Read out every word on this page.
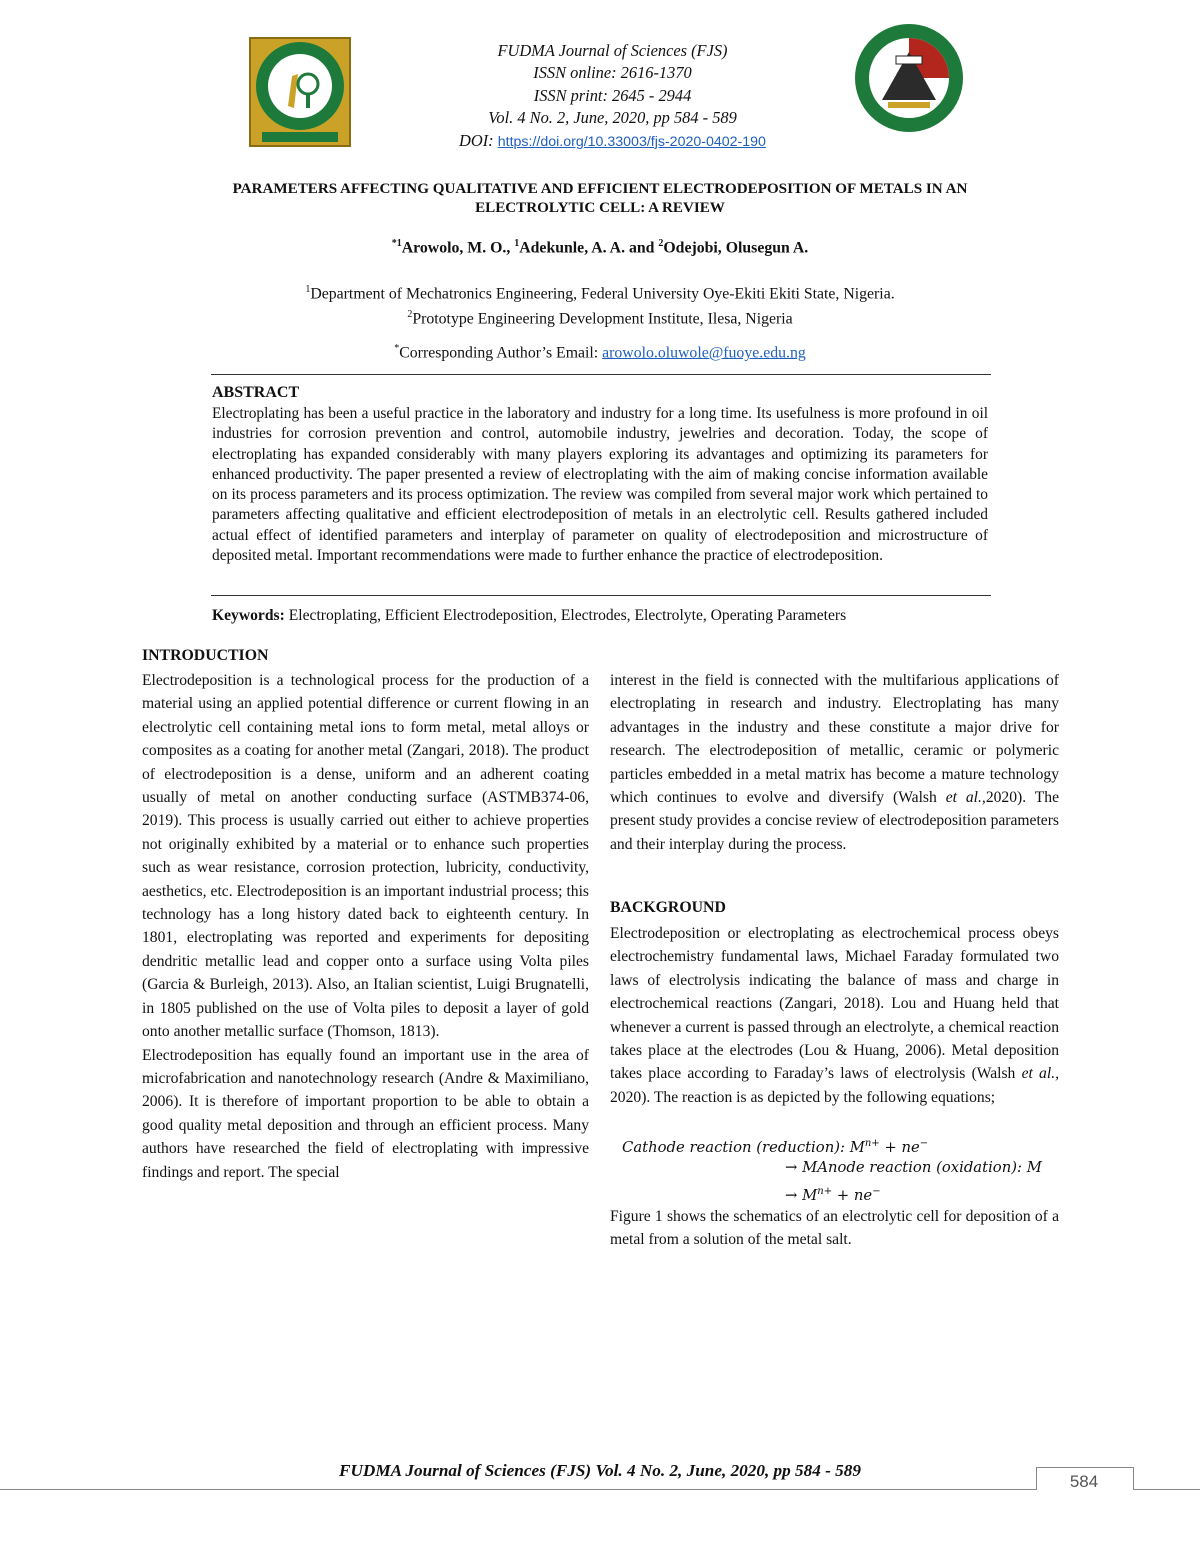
FUDMA Journal of Sciences (FJS)
ISSN online: 2616-1370
ISSN print: 2645 - 2944
Vol. 4 No. 2, June, 2020, pp 584 - 589
DOI: https://doi.org/10.33003/fjs-2020-0402-190
PARAMETERS AFFECTING QUALITATIVE AND EFFICIENT ELECTRODEPOSITION OF METALS IN AN
ELECTROLYTIC CELL: A REVIEW
$^{*1}$Arowolo, M. O., $^1$Adekunle, A. A. and $^2$Odejobi, Olusegun A.
$^1$Department of Mechatronics Engineering, Federal University Oye-Ekiti Ekiti State, Nigeria.
$^2$Prototype Engineering Development Institute, Ilesa, Nigeria
*Corresponding Author’s Email: arowolo.oluwole@fuoye.edu.ng
ABSTRACT
Electroplating has been a useful practice in the laboratory and industry for a long time. Its usefulness is more profound in oil industries for corrosion prevention and control, automobile industry, jewelries and decoration. Today, the scope of electroplating has expanded considerably with many players exploring its advantages and optimizing its parameters for enhanced productivity. The paper presented a review of electroplating with the aim of making concise information available on its process parameters and its process optimization. The review was compiled from several major work which pertained to parameters affecting qualitative and efficient electrodeposition of metals in an electrolytic cell. Results gathered included actual effect of identified parameters and interplay of parameter on quality of electrodeposition and microstructure of deposited metal. Important recommendations were made to further enhance the practice of electrodeposition.
Keywords: Electroplating, Efficient Electrodeposition, Electrodes, Electrolyte, Operating Parameters
INTRODUCTION

Electrodeposition is a technological process for the production of a material using an applied potential difference or current flowing in an electrolytic cell containing metal ions to form metal, metal alloys or composites as a coating for another metal (Zangari, 2018). The product of electrodeposition is a dense, uniform and an adherent coating usually of metal on another conducting surface (ASTMB374-06, 2019). This process is usually carried out either to achieve properties not originally exhibited by a material or to enhance such properties such as wear resistance, corrosion protection, lubricity, conductivity, aesthetics, etc. Electrodeposition is an important industrial process; this technology has a long history dated back to eighteenth century. In 1801, electroplating was reported and experiments for depositing dendritic metallic lead and copper onto a surface using Volta piles (Garcia & Burleigh, 2013). Also, an Italian scientist, Luigi Brugnatelli, in 1805 published on the use of Volta piles to deposit a layer of gold onto another metallic surface (Thomson, 1813).

Electrodeposition has equally found an important use in the area of microfabrication and nanotechnology research (Andre & Maximiliano, 2006). It is therefore of important proportion to be able to obtain a good quality metal deposition and through an efficient process. Many authors have researched the field of electroplating with impressive findings and report. The special

interest in the field is connected with the multifarious applications of electroplating in research and industry. Electroplating has many advantages in the industry and these constitute a major drive for research. The electrodeposition of metallic, ceramic or polymeric particles embedded in a metal matrix has become a mature technology which continues to evolve and diversify (Walsh et al.,2020). The present study provides a concise review of electrodeposition parameters and their interplay during the process.

BACKGROUND

Electrodeposition or electroplating as electrochemical process obeys electrochemistry fundamental laws, Michael Faraday formulated two laws of electrolysis indicating the balance of mass and charge in electrochemical reactions (Zangari, 2018). Lou and Huang held that whenever a current is passed through an electrolyte, a chemical reaction takes place at the electrodes (Lou & Huang, 2006). Metal deposition takes place according to Faraday’s laws of electrolysis (Walsh et al., 2020). The reaction is as depicted by the following equations;

Cathode reaction (reduction): $M^{n+} + ne^-$
→ MAnode reaction (oxidation): M
→ $M^{n+} + ne^-$

Figure 1 shows the schematics of an electrolytic cell for deposition of a metal from a solution of the metal salt.

FUDMA Journal of Sciences (FJS) Vol. 4 No. 2, June, 2020, pp 584 - 589
584
